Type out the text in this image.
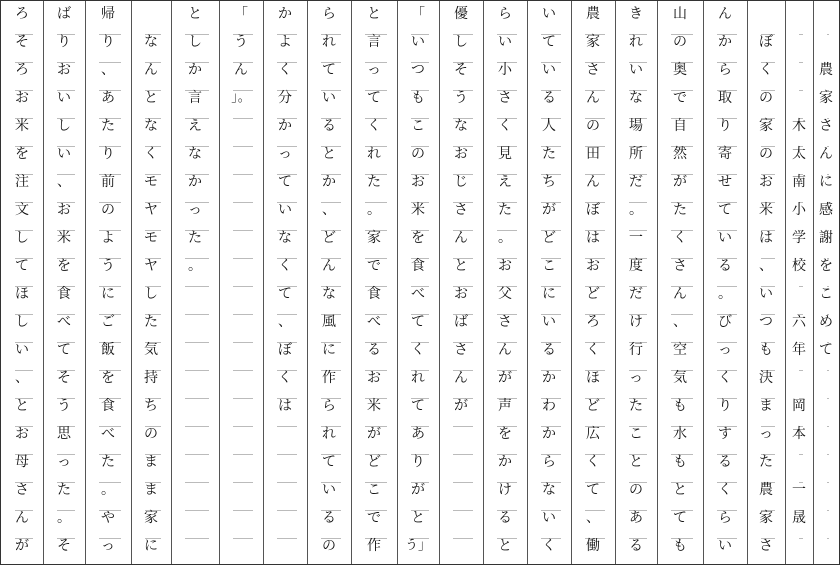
ろ
そ
ろ
お
米
を
注
文
し
て
ほ
し
い
、
と
お
母
さ
ん
が
ば
り
お
い
し
い
、
お
米
を
食
べ
て
そ
う
思
っ
た
。
そ
帰
り
、
あ
た
り
前
の
よ
う
に
ご
飯
を
食
べ
た
。
や
っ
な
ん
と
な
く
モ
ヤ
モ
ヤ
し
た
気
持
ち
の
ま
ま
家
に
と
し
か
言
え
な
か
っ
た
。
「
う
ん
」。
か
よ
く
分
か
っ
て
い
な
く
て
、
ぼ
く
は
ら
れ
て
い
る
と
か
、
ど
ん
な
風
に
作
ら
れ
て
い
る
の
と
言
っ
て
く
れ
た
。
家
で
食
べ
る
お
米
が
ど
こ
で
作
「
い
つ
も
こ
の
お
米
を
食
べ
て
く
れ
て
あ
り
が
と
う」
優
し
そ
う
な
お
じ
さ
ん
と
お
ば
さ
ん
が
ら
い
小
さ
く
見
え
た
。
お
父
さ
ん
が
声
を
か
け
る
と
い
て
い
る
人
た
ち
が
ど
こ
に
い
る
か
わ
か
ら
な
い
く
農
家
さ
ん
の
田
ん
ぼ
は
お
ど
ろ
く
ほ
ど
広
く
て
、
働
き
れ
い
な
場
所
だ
。
一
度
だ
け
行
っ
た
こ
と
の
あ
る
山
の
奥
で
自
然
が
た
く
さ
ん
、
空
気
も
水
も
と
て
も
ん
か
ら
取
り
寄
せ
て
い
る
。
び
っ
く
り
す
る
く
ら
い
ぼ
く
の
家
の
お
米
は
、
い
つ
も
決
ま
っ
た
農
家
さ
木
太
南
小
学
校
六
年
岡
本
一
晟
農
家
さ
ん
に
感
謝
を
こ
め
て
